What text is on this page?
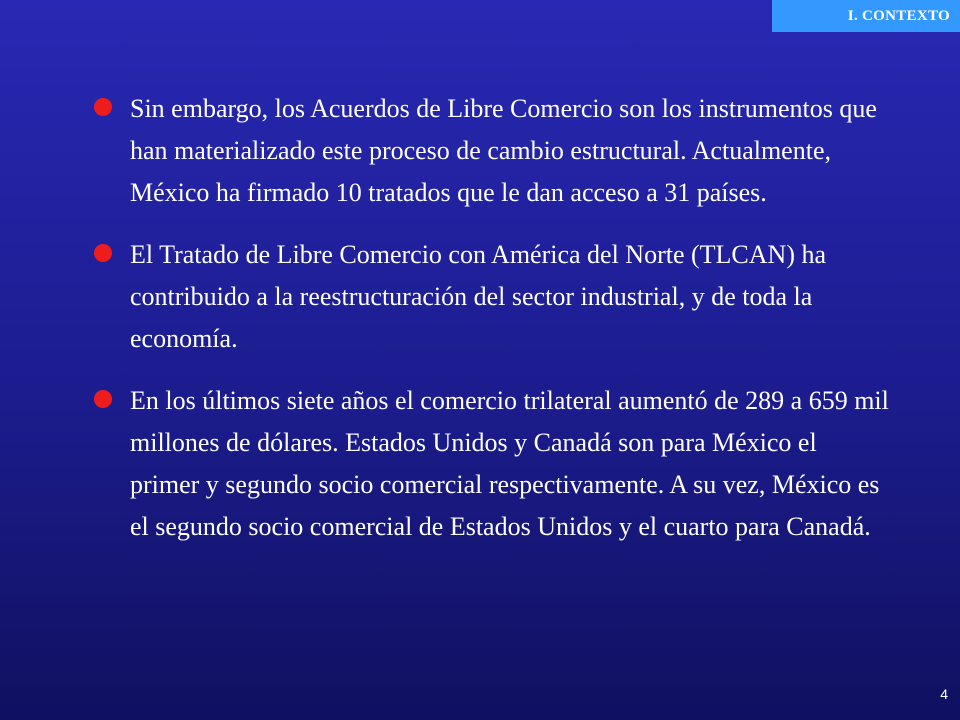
I. CONTEXTO
Sin embargo, los Acuerdos de Libre Comercio son los instrumentos que han materializado este proceso de cambio estructural. Actualmente, México ha firmado 10 tratados que le dan acceso a 31 países.
El Tratado de Libre Comercio con América del Norte (TLCAN) ha contribuido a la reestructuración del sector industrial, y de toda la economía.
En los últimos siete años el comercio trilateral aumentó de 289 a 659 mil millones de dólares. Estados Unidos y Canadá son para México el primer y segundo socio comercial respectivamente. A su vez, México es el segundo socio comercial de Estados Unidos y el cuarto para Canadá.
4
